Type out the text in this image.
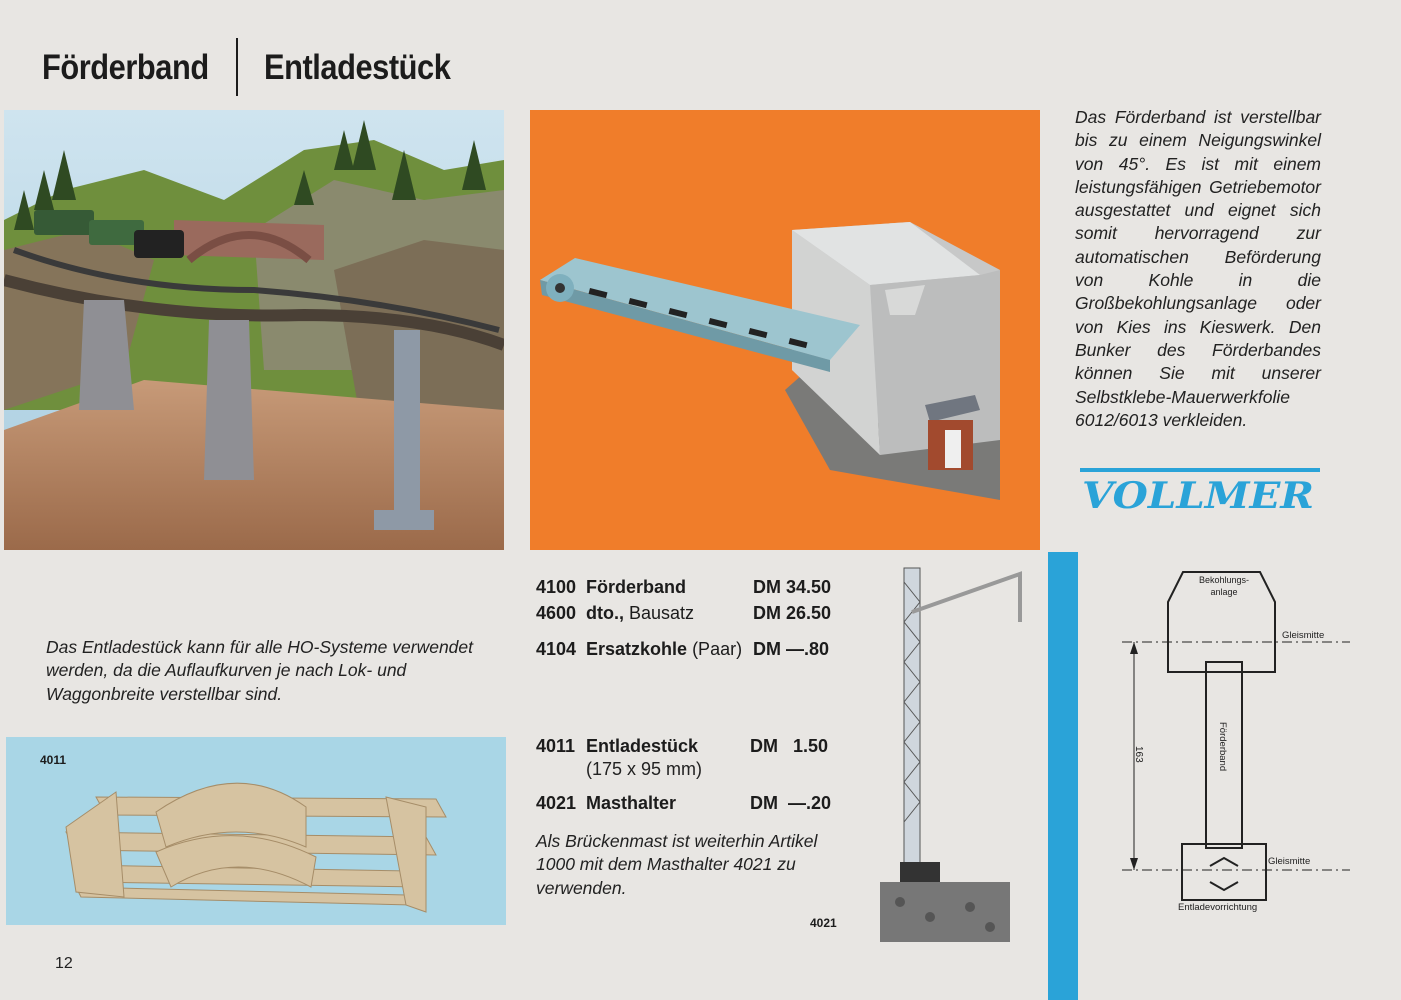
Förderband Entladestück
Das Förderband ist verstellbar bis zu einem Neigungswinkel von 45°. Es ist mit einem leistungsfähigen Getriebemotor ausgestattet und eignet sich somit hervorragend zur automatischen Beförderung von Kohle in die Großbekohlungsanlage oder von Kies ins Kieswerk. Den Bunker des Förderbandes können Sie mit unserer Selbstklebe-Mauerwerkfolie 6012/6013 verkleiden.
VOLLMER
Das Entladestück kann für alle HO-Systeme verwendet werden, da die Auflaufkurven je nach Lok- und Waggonbreite verstellbar sind.
4100 Förderband	DM 34.50
4600 dto., Bausatz	DM 26.50
4104 Ersatzkohle (Paar) DM —.80
4011 Entladestück	DM 1.50
(175 x 95 mm)
4021 Masthalter	DM —.20
Als Brückenmast ist weiterhin Artikel 1000 mit dem Masthalter 4021 zu verwenden.
4011
4021
Bekohlungs-
anlage
Gleismitte
Gleismitte
Förderband
163
Entladevorrichtung
12
